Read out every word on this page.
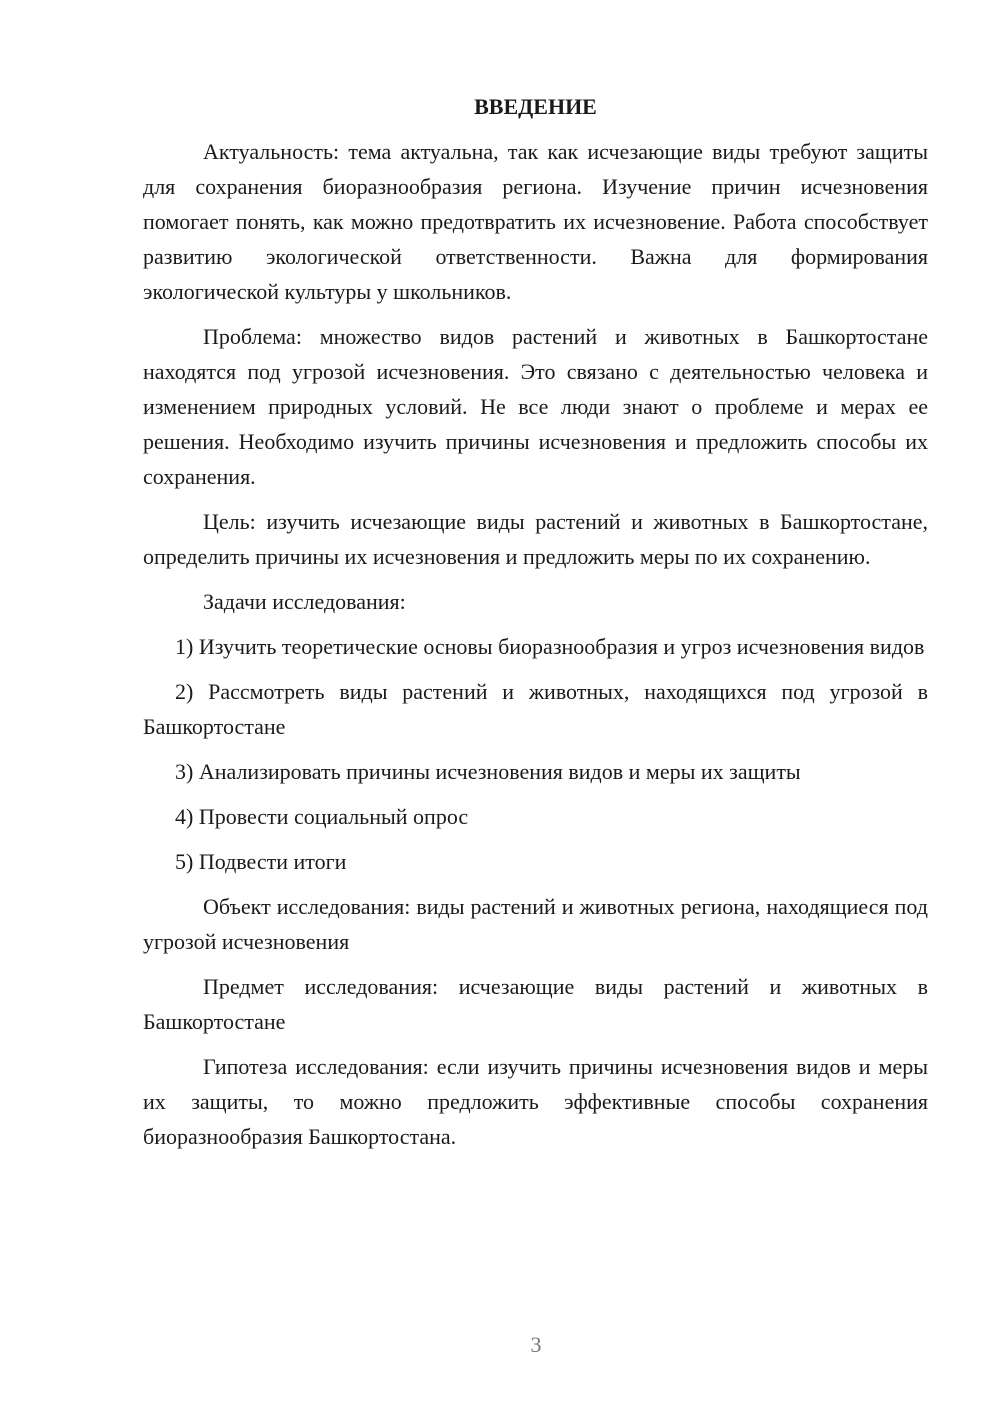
ВВЕДЕНИЕ

Актуальность: тема актуальна, так как исчезающие виды требуют защиты для сохранения биоразнообразия региона. Изучение причин исчезновения помогает понять, как можно предотвратить их исчезновение. Работа способствует развитию экологической ответственности. Важна для формирования экологической культуры у школьников.

Проблема: множество видов растений и животных в Башкортостане находятся под угрозой исчезновения. Это связано с деятельностью человека и изменением природных условий. Не все люди знают о проблеме и мерах ее решения. Необходимо изучить причины исчезновения и предложить способы их сохранения.

Цель: изучить исчезающие виды растений и животных в Башкортостане, определить причины их исчезновения и предложить меры по их сохранению.

Задачи исследования:

1) Изучить теоретические основы биоразнообразия и угроз исчезновения видов

2) Рассмотреть виды растений и животных, находящихся под угрозой в Башкортостане

3) Анализировать причины исчезновения видов и меры их защиты

4) Провести социальный опрос

5) Подвести итоги

Объект исследования: виды растений и животных региона, находящиеся под угрозой исчезновения

Предмет исследования: исчезающие виды растений и животных в Башкортостане

Гипотеза исследования: если изучить причины исчезновения видов и меры их защиты, то можно предложить эффективные способы сохранения биоразнообразия Башкортостана.

3
